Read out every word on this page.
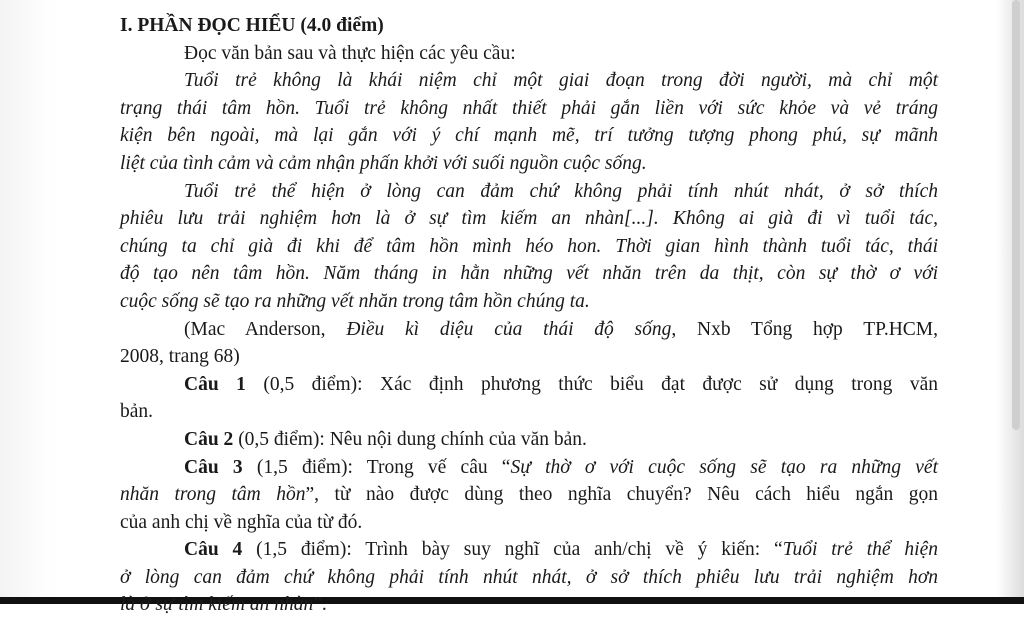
I. PHẦN ĐỌC HIỂU (4.0 điểm)
Đọc văn bản sau và thực hiện các yêu cầu:
Tuổi trẻ không là khái niệm chỉ một giai đoạn trong đời người, mà chỉ một
trạng thái tâm hồn. Tuổi trẻ không nhất thiết phải gắn liền với sức khỏe và vẻ tráng
kiện bên ngoài, mà lại gắn với ý chí mạnh mẽ, trí tưởng tượng phong phú, sự mãnh
liệt của tình cảm và cảm nhận phấn khởi với suối nguồn cuộc sống.
Tuổi trẻ thể hiện ở lòng can đảm chứ không phải tính nhút nhát, ở sở thích
phiêu lưu trải nghiệm hơn là ở sự tìm kiếm an nhàn[...]. Không ai già đi vì tuổi tác,
chúng ta chỉ già đi khi để tâm hồn mình héo hon. Thời gian hình thành tuổi tác, thái
độ tạo nên tâm hồn. Năm tháng in hằn những vết nhăn trên da thịt, còn sự thờ ơ với
cuộc sống sẽ tạo ra những vết nhăn trong tâm hồn chúng ta.
(Mac Anderson, Điều kì diệu của thái độ sống, Nxb Tổng hợp TP.HCM,
2008, trang 68)
Câu 1 (0,5 điểm): Xác định phương thức biểu đạt được sử dụng trong văn
bản.
Câu 2 (0,5 điểm): Nêu nội dung chính của văn bản.
Câu 3 (1,5 điểm): Trong vế câu “Sự thờ ơ với cuộc sống sẽ tạo ra những vết
nhăn trong tâm hồn”, từ nào được dùng theo nghĩa chuyển? Nêu cách hiểu ngắn gọn
của anh chị về nghĩa của từ đó.
Câu 4 (1,5 điểm): Trình bày suy nghĩ của anh/chị về ý kiến: “Tuổi trẻ thể hiện
ở lòng can đảm chứ không phải tính nhút nhát, ở sở thích phiêu lưu trải nghiệm hơn
là ở sự tìm kiếm an nhàn”.
